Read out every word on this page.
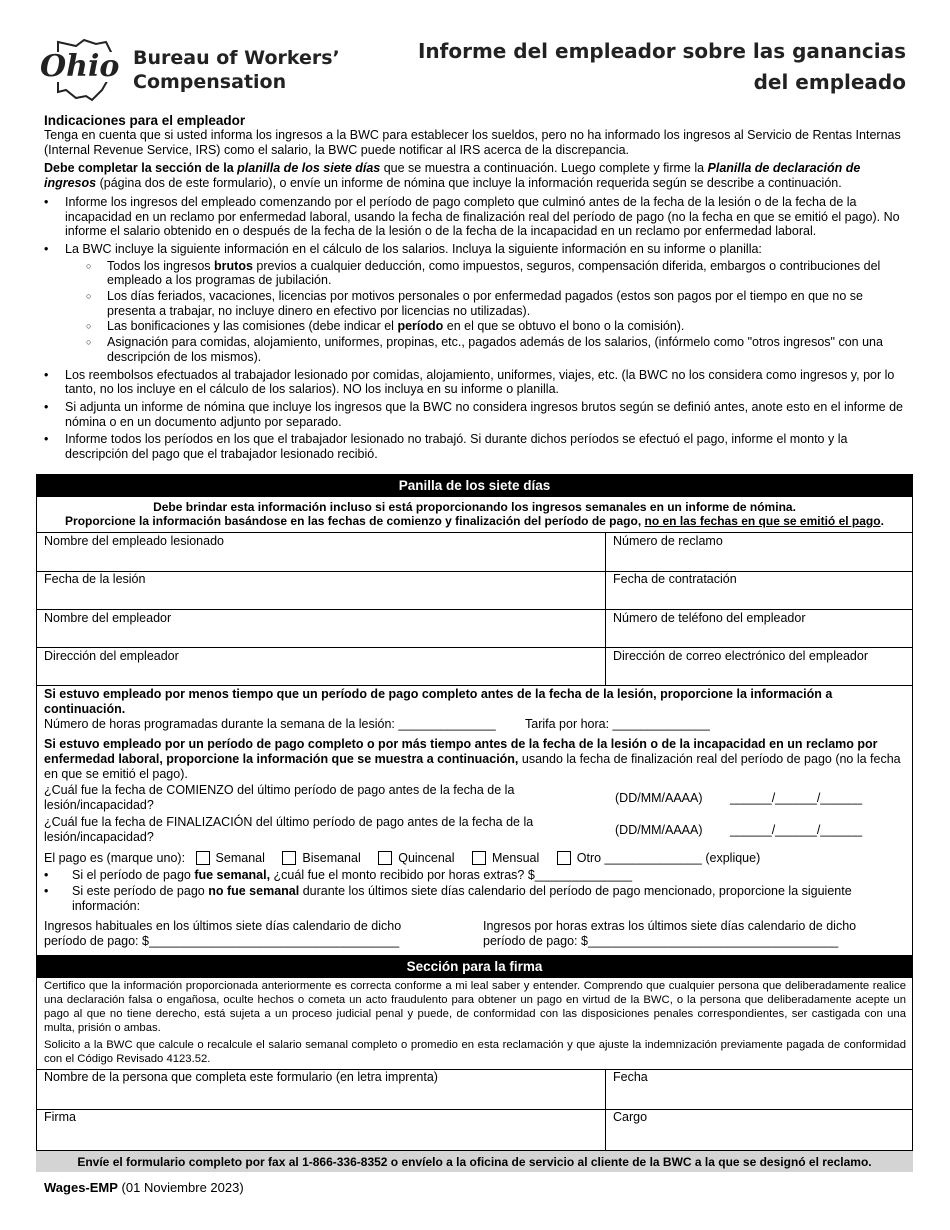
Ohio Bureau of Workers’
Compensation
Informe del empleador sobre las ganancias del empleado
Indicaciones para el empleador

Tenga en cuenta que si usted informa los ingresos a la BWC para establecer los sueldos, pero no ha informado los ingresos al Servicio de Rentas Internas (Internal Revenue Service, IRS) como el salario, la BWC puede notificar al IRS acerca de la discrepancia.

Debe completar la sección de la planilla de los siete días que se muestra a continuación. Luego complete y firme la Planilla de declaración de ingresos (página dos de este formulario), o envíe un informe de nómina que incluye la información requerida según se describe a continuación.

• Informe los ingresos del empleado comenzando por el período de pago completo que culminó antes de la fecha de la lesión o de la fecha de la incapacidad en un reclamo por enfermedad laboral, usando la fecha de finalización real del período de pago (no la fecha en que se emitió el pago). No informe el salario obtenido en o después de la fecha de la lesión o de la fecha de la incapacidad en un reclamo por enfermedad laboral.
• La BWC incluye la siguiente información en el cálculo de los salarios. Incluya la siguiente información en su informe o planilla:
○ Todos los ingresos brutos previos a cualquier deducción, como impuestos, seguros, compensación diferida, embargos o contribuciones del empleado a los programas de jubilación.
○ Los días feriados, vacaciones, licencias por motivos personales o por enfermedad pagados (estos son pagos por el tiempo en que no se presenta a trabajar, no incluye dinero en efectivo por licencias no utilizadas).
○ Las bonificaciones y las comisiones (debe indicar el período en el que se obtuvo el bono o la comisión).
○ Asignación para comidas, alojamiento, uniformes, propinas, etc., pagados además de los salarios, (infórmelo como "otros ingresos" con una descripción de los mismos).
• Los reembolsos efectuados al trabajador lesionado por comidas, alojamiento, uniformes, viajes, etc. (la BWC no los considera como ingresos y, por lo tanto, no los incluye en el cálculo de los salarios). NO los incluya en su informe o planilla.
• Si adjunta un informe de nómina que incluye los ingresos que la BWC no considera ingresos brutos según se definió antes, anote esto en el informe de nómina o en un documento adjunto por separado.
• Informe todos los períodos en los que el trabajador lesionado no trabajó. Si durante dichos períodos se efectuó el pago, informe el monto y la descripción del pago que el trabajador lesionado recibió.
Panilla de los siete días
Debe brindar esta información incluso si está proporcionando los ingresos semanales en un informe de nómina.
Proporcione la información basándose en las fechas de comienzo y finalización del período de pago, no en las fechas en que se emitió el pago.
Nombre del empleado lesionado	Número de reclamo
Fecha de la lesión	Fecha de contratación
Nombre del empleador	Número de teléfono del empleador
Dirección del empleador	Dirección de correo electrónico del empleador
Si estuvo empleado por menos tiempo que un período de pago completo antes de la fecha de la lesión, proporcione la información a continuación.
Número de horas programadas durante la semana de la lesión: ______________ Tarifa por hora: ______________
Si estuvo empleado por un período de pago completo o por más tiempo antes de la fecha de la lesión o de la incapacidad en un reclamo por enfermedad laboral, proporcione la información que se muestra a continuación, usando la fecha de finalización real del período de pago (no la fecha en que se emitió el pago).
¿Cuál fue la fecha de COMIENZO del último período de pago antes de la fecha de la lesión/incapacidad?	(DD/MM/AAAA) ______/______/______
¿Cuál fue la fecha de FINALIZACIÓN del último período de pago antes de la fecha de la lesión/incapacidad?	(DD/MM/AAAA) ______/______/______
El pago es (marque uno): Semanal	Bisemanal	Quincenal	Mensual	Otro ______________ (explique)
• Si el período de pago fue semanal, ¿cuál fue el monto recibido por horas extras? $______________
• Si este período de pago no fue semanal durante los últimos siete días calendario del período de pago mencionado, proporcione la siguiente información:
Ingresos habituales en los últimos siete días calendario de dicho período de pago: $____________________________________
Ingresos por horas extras los últimos siete días calendario de dicho período de pago: $____________________________________
Sección para la firma
Certifico que la información proporcionada anteriormente es correcta conforme a mi leal saber y entender. Comprendo que cualquier persona que deliberadamente realice una declaración falsa o engañosa, oculte hechos o cometa un acto fraudulento para obtener un pago en virtud de la BWC, o la persona que deliberadamente acepte un pago al que no tiene derecho, está sujeta a un proceso judicial penal y puede, de conformidad con las disposiciones penales correspondientes, ser castigada con una multa, prisión o ambas.
Solicito a la BWC que calcule o recalcule el salario semanal completo o promedio en esta reclamación y que ajuste la indemnización previamente pagada de conformidad con el Código Revisado 4123.52.
Nombre de la persona que completa este formulario (en letra imprenta)	Fecha
Firma	Cargo
Envíe el formulario completo por fax al 1-866-336-8352 o envíelo a la oficina de servicio al cliente de la BWC a la que se designó el reclamo.
Wages-EMP (01 Noviembre 2023)
